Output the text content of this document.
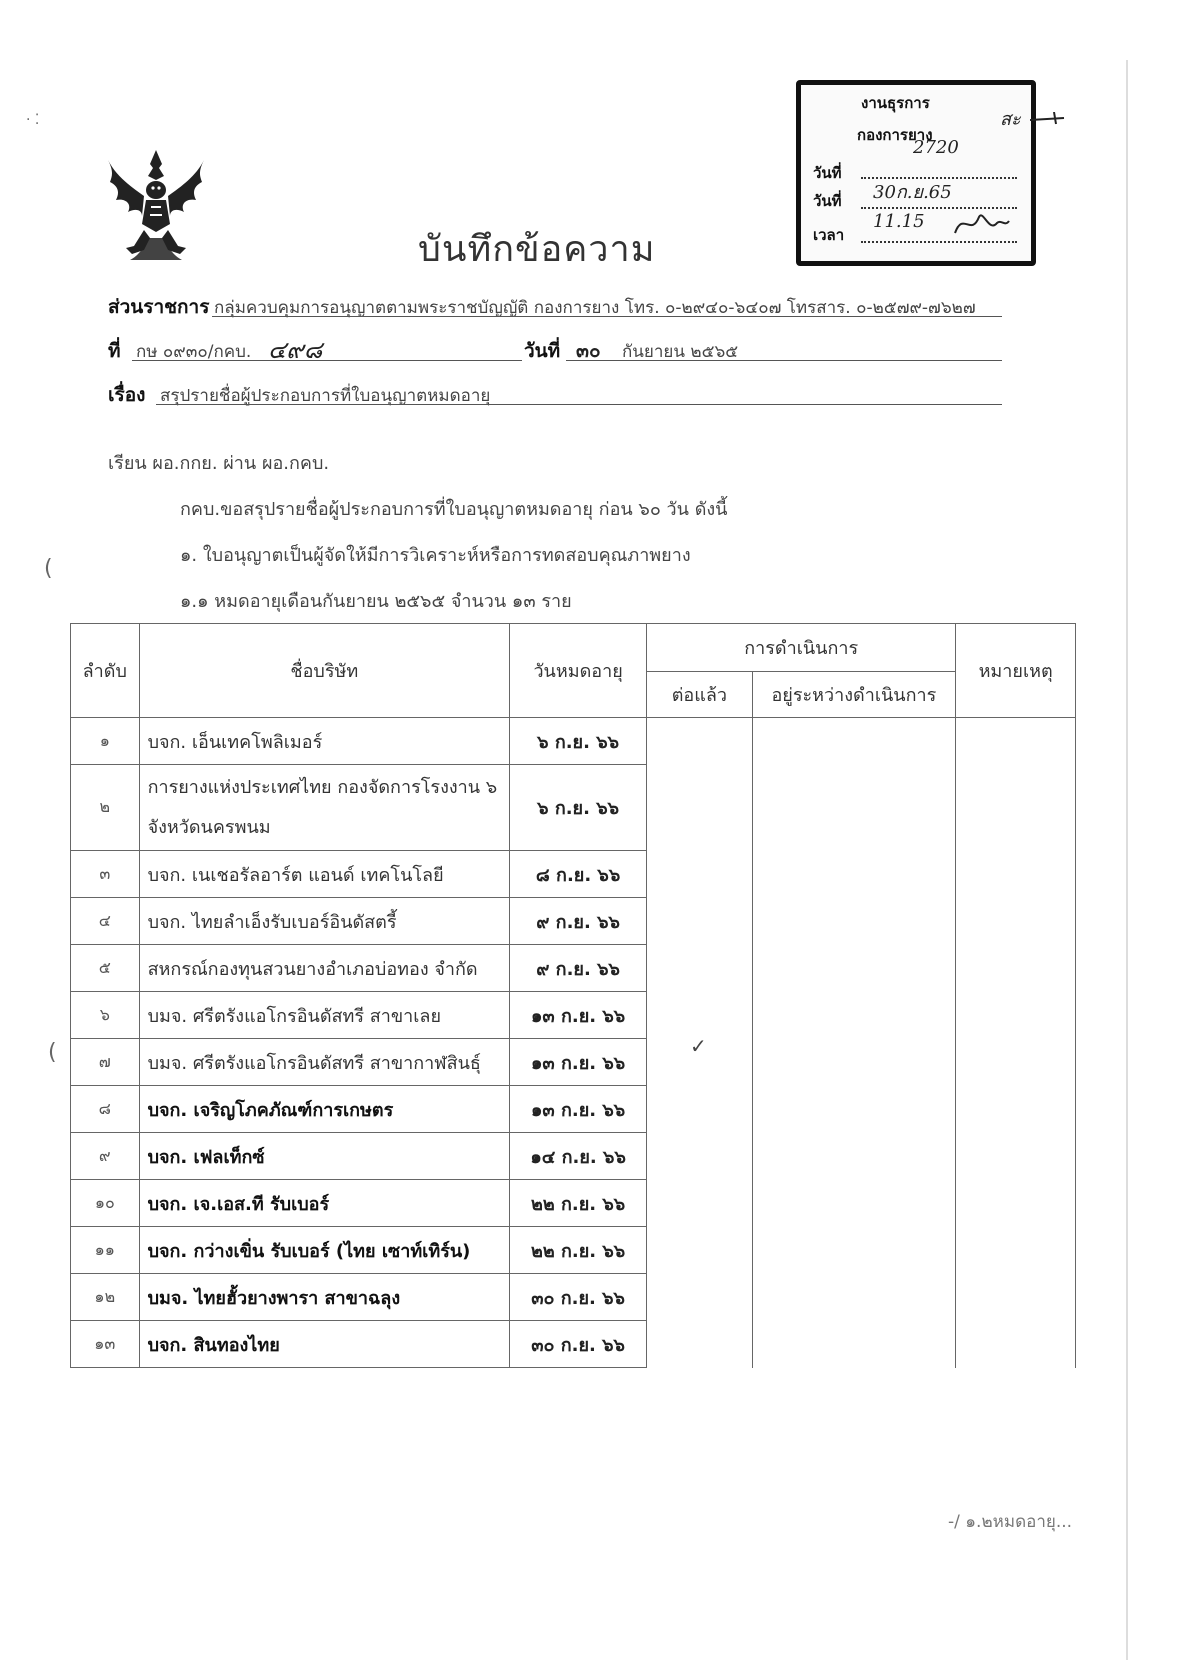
· ⁚
(
(
บันทึกข้อความ
งานธุรการ
กองการยาง
2720
วันที่
วันที่ 30ก.ย.65
เวลา
11.15
สะ
ส่วนราชการ กลุ่มควบคุมการอนุญาตตามพระราชบัญญัติ กองการยาง โทร. ๐-๒๙๔๐-๖๔๐๗ โทรสาร. ๐-๒๕๗๙-๗๖๒๗
ที่ กษ ๐๙๓๐/กคบ. ๔๙๘	วันที่ ๓๐ กันยายน ๒๕๖๕
เรื่อง สรุปรายชื่อผู้ประกอบการที่ใบอนุญาตหมดอายุ
เรียน ผอ.กกย. ผ่าน ผอ.กคบ.
กคบ.ขอสรุปรายชื่อผู้ประกอบการที่ใบอนุญาตหมดอายุ ก่อน ๖๐ วัน ดังนี้
๑. ใบอนุญาตเป็นผู้จัดให้มีการวิเคราะห์หรือการทดสอบคุณภาพยาง
๑.๑ หมดอายุเดือนกันยายน ๒๕๖๕ จำนวน ๑๓ ราย
ลำดับ	ชื่อบริษัท	วันหมดอายุ	การดำเนินการ		หมายเหตุ
			ต่อแล้ว	อยู่ระหว่างดำเนินการ	
๑	บจก. เอ็นเทคโพลิเมอร์	๖ ก.ย. ๖๖			
๒	การยางแห่งประเทศไทย กองจัดการโรงงาน ๖ จังหวัดนครพนม	๖ ก.ย. ๖๖			
๓	บจก. เนเชอรัลอาร์ต แอนด์ เทคโนโลยี	๘ ก.ย. ๖๖			
๔	บจก. ไทยลำเอ็งรับเบอร์อินดัสตรี้	๙ ก.ย. ๖๖			
๕	สหกรณ์กองทุนสวนยางอำเภอบ่อทอง จำกัด	๙ ก.ย. ๖๖			
๖	บมจ. ศรีตรังแอโกรอินดัสทรี สาขาเลย	๑๓ ก.ย. ๖๖			
๗	บมจ. ศรีตรังแอโกรอินดัสทรี สาขากาฬสินธุ์	๑๓ ก.ย. ๖๖			
๘	บจก. เจริญโภคภัณฑ์การเกษตร	๑๓ ก.ย. ๖๖			
๙	บจก. เฟลเท็กซ์	๑๔ ก.ย. ๖๖			
๑๐	บจก. เจ.เอส.ที รับเบอร์	๒๒ ก.ย. ๖๖			
๑๑	บจก. กว่างเขิ่น รับเบอร์ (ไทย เซาท์เทิร์น)	๒๒ ก.ย. ๖๖			
๑๒	บมจ. ไทยฮั้วยางพารา สาขาฉลุง	๓๐ ก.ย. ๖๖			
๑๓	บจก. สินทองไทย	๓๐ ก.ย. ๖๖			
✓
-/ ๑.๒หมดอายุ...
